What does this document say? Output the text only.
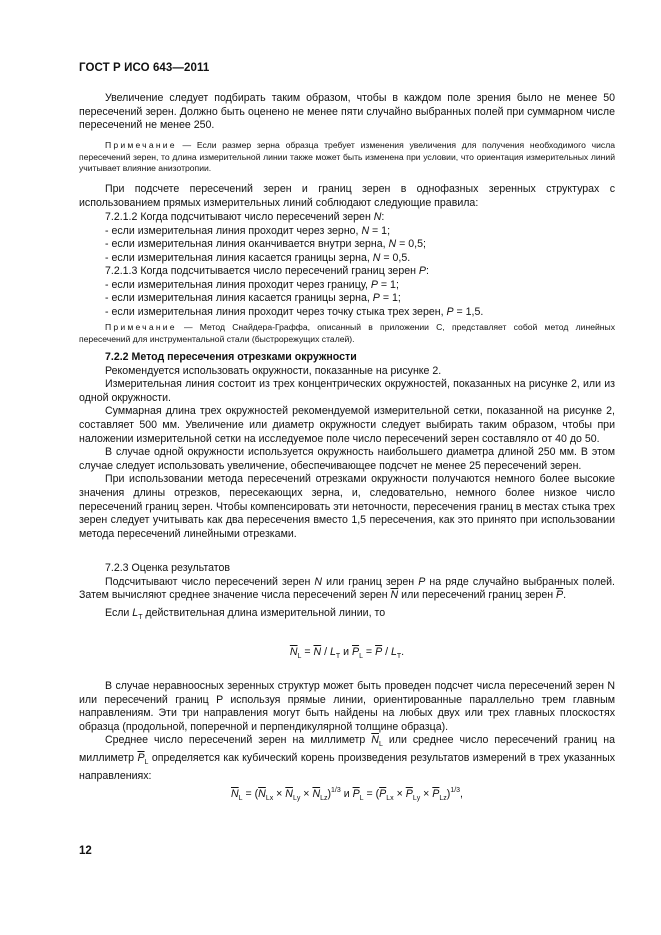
ГОСТ Р ИСО 643—2011

Увеличение следует подбирать таким образом, чтобы в каждом поле зрения было не менее 50 пересечений зерен. Должно быть оценено не менее пяти случайно выбранных полей при суммарном числе пересечений не менее 250.

Примечание — Если размер зерна образца требует изменения увеличения для получения необходимого числа пересечений зерен, то длина измерительной линии также может быть изменена при условии, что ориентация измерительных линий учитывает влияние анизотропии.

При подсчете пересечений зерен и границ зерен в однофазных зеренных структурах с использованием прямых измерительных линий соблюдают следующие правила:

7.2.1.2 Когда подсчитывают число пересечений зерен N:

- если измерительная линия проходит через зерно, N = 1;

- если измерительная линия оканчивается внутри зерна, N = 0,5;

- если измерительная линия касается границы зерна, N = 0,5.

7.2.1.3 Когда подсчитывается число пересечений границ зерен P:

- если измерительная линия проходит через границу, P = 1;

- если измерительная линия касается границы зерна, P = 1;

- если измерительная линия проходит через точку стыка трех зерен, P = 1,5.

Примечание — Метод Снайдера-Граффа, описанный в приложении С, представляет собой метод линейных пересечений для инструментальной стали (быстрорежущих сталей).

7.2.2 Метод пересечения отрезками окружности

Рекомендуется использовать окружности, показанные на рисунке 2.

Измерительная линия состоит из трех концентрических окружностей, показанных на рисунке 2, или из одной окружности.

Суммарная длина трех окружностей рекомендуемой измерительной сетки, показанной на рисунке 2, составляет 500 мм. Увеличение или диаметр окружности следует выбирать таким образом, чтобы при наложении измерительной сетки на исследуемое поле число пересечений зерен составляло от 40 до 50.

В случае одной окружности используется окружность наибольшего диаметра длиной 250 мм. В этом случае следует использовать увеличение, обеспечивающее подсчет не менее 25 пересечений зерен.

При использовании метода пересечений отрезками окружности получаются немного более высокие значения длины отрезков, пересекающих зерна, и, следовательно, немного более низкое число пересечений границ зерен. Чтобы компенсировать эти неточности, пересечения границ в местах стыка трех зерен следует учитывать как два пересечения вместо 1,5 пересечения, как это принято при использовании метода пересечений линейными отрезками.

7.2.3 Оценка результатов

Подсчитывают число пересечений зерен N или границ зерен P на ряде случайно выбранных полей. Затем вычисляют среднее значение числа пересечений зерен $\overline{N}$ или пересечений границ зерен $\overline{P}$.

Если $L_T$ действительная длина измерительной линии, то

$\overline{N}_L = \overline{N} / L_T$ и $\overline{P}_L = \overline{P} / L_T$.

В случае неравноосных зеренных структур может быть проведен подсчет числа пересечений зерен N или пересечений границ P используя прямые линии, ориентированные параллельно трем главным направлениям. Эти три направления могут быть найдены на любых двух или трех главных плоскостях образца (продольной, поперечной и перпендикулярной толщине образца).

Среднее число пересечений зерен на миллиметр $\overline{N}_L$ или среднее число пересечений границ на миллиметр $\overline{P}_L$ определяется как кубический корень произведения результатов измерений в трех указанных направлениях:

$\overline{N}_L = (\overline{N}_{Lx} \times \overline{N}_{Ly} \times \overline{N}_{Lz})^{1/3}$ и $\overline{P}_L = (\overline{P}_{Lx} \times \overline{P}_{Ly} \times \overline{P}_{Lz})^{1/3}$,

12
